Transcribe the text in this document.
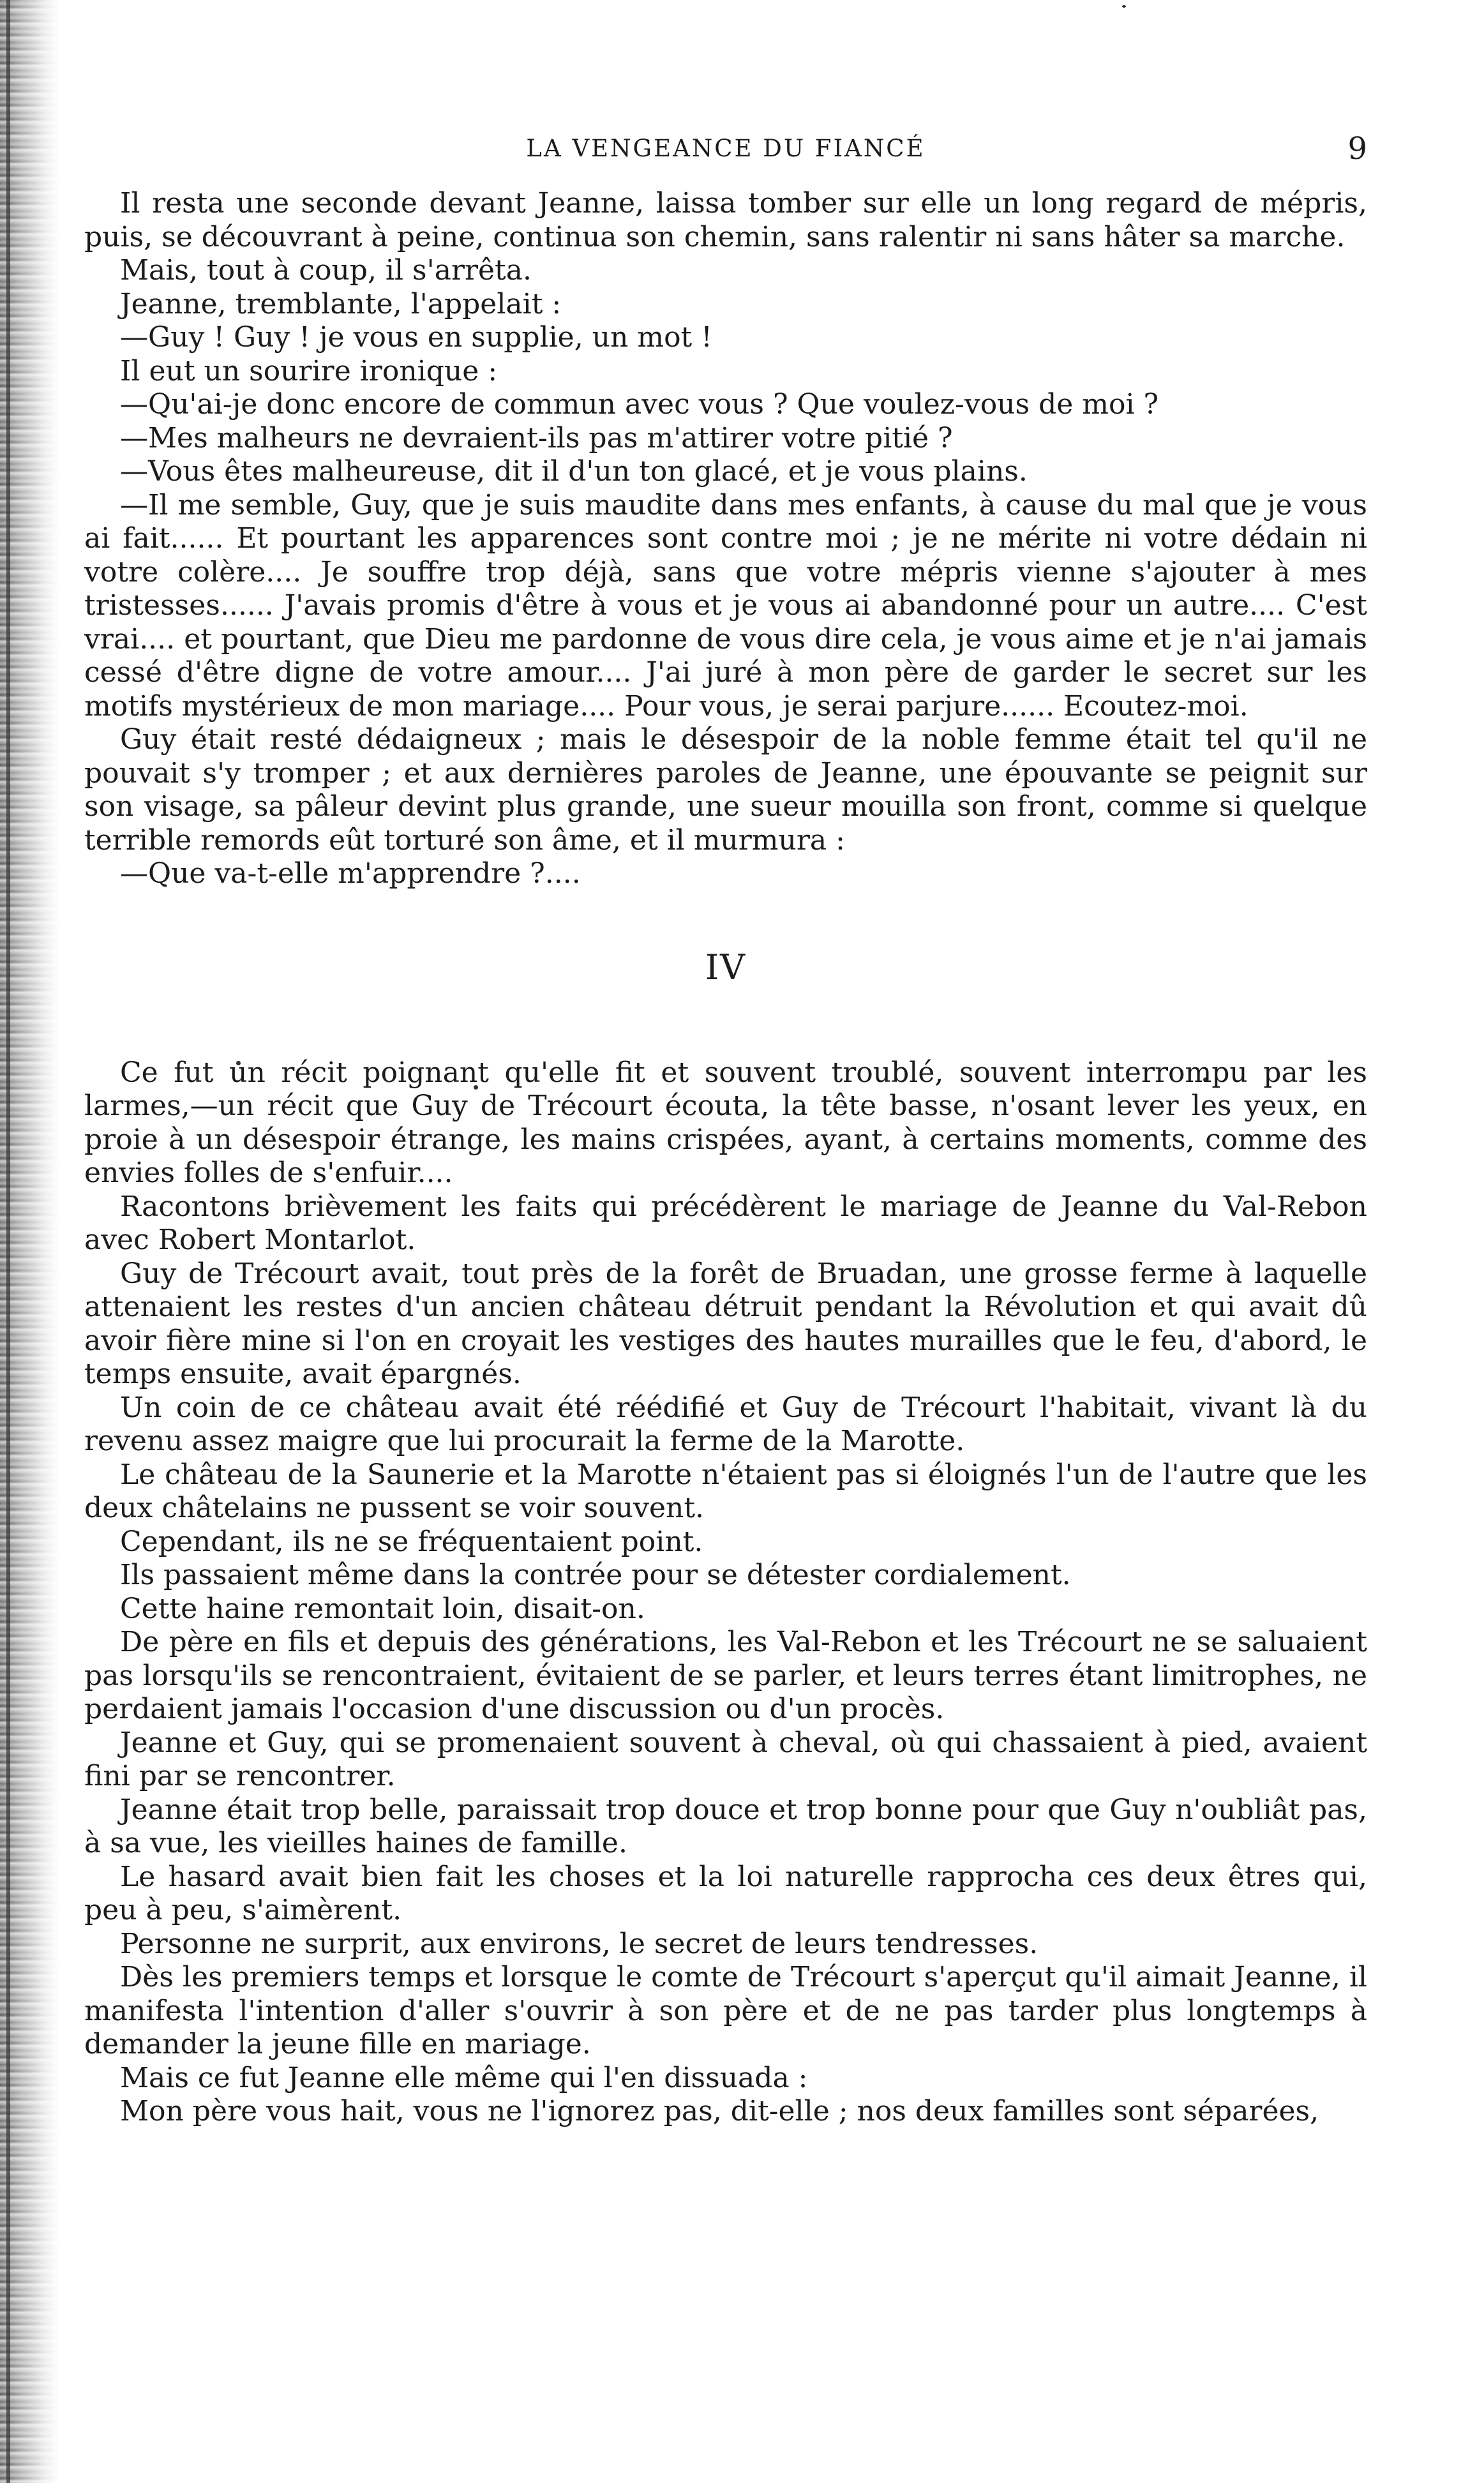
LA VENGEANCE DU FIANCÉ	9

Il resta une seconde devant Jeanne, laissa tomber sur elle un long regard de mépris, puis, se découvrant à peine, continua son chemin, sans ralentir ni sans hâter sa marche.

Mais, tout à coup, il s'arrêta.

Jeanne, tremblante, l'appelait :

—Guy ! Guy ! je vous en supplie, un mot !

Il eut un sourire ironique :

—Qu'ai-je donc encore de commun avec vous ? Que voulez-vous de moi ?

—Mes malheurs ne devraient-ils pas m'attirer votre pitié ?

—Vous êtes malheureuse, dit il d'un ton glacé, et je vous plains.

—Il me semble, Guy, que je suis maudite dans mes enfants, à cause du mal que je vous ai fait...... Et pourtant les apparences sont contre moi ; je ne mérite ni votre dédain ni votre colère.... Je souffre trop déjà, sans que votre mépris vienne s'ajouter à mes tristesses...... J'avais promis d'être à vous et je vous ai abandonné pour un autre.... C'est vrai.... et pourtant, que Dieu me pardonne de vous dire cela, je vous aime et je n'ai jamais cessé d'être digne de votre amour.... J'ai juré à mon père de garder le secret sur les motifs mystérieux de mon mariage.... Pour vous, je serai parjure...... Ecoutez-moi.

Guy était resté dédaigneux ; mais le désespoir de la noble femme était tel qu'il ne pouvait s'y tromper ; et aux dernières paroles de Jeanne, une épouvante se peignit sur son visage, sa pâleur devint plus grande, une sueur mouilla son front, comme si quelque terrible remords eût torturé son âme, et il murmura :

—Que va-t-elle m'apprendre ?....

IV

Ce fut un récit poignant qu'elle fit et souvent troublé, souvent interrompu par les larmes,—un récit que Guy de Trécourt écouta, la tête basse, n'osant lever les yeux, en proie à un désespoir étrange, les mains crispées, ayant, à certains moments, comme des envies folles de s'enfuir....

Racontons brièvement les faits qui précédèrent le mariage de Jeanne du Val-Rebon avec Robert Montarlot.

Guy de Trécourt avait, tout près de la forêt de Bruadan, une grosse ferme à laquelle attenaient les restes d'un ancien château détruit pendant la Révolution et qui avait dû avoir fière mine si l'on en croyait les vestiges des hautes murailles que le feu, d'abord, le temps ensuite, avait épargnés.

Un coin de ce château avait été réédifié et Guy de Trécourt l'habitait, vivant là du revenu assez maigre que lui procurait la ferme de la Marotte.

Le château de la Saunerie et la Marotte n'étaient pas si éloignés l'un de l'autre que les deux châtelains ne pussent se voir souvent.

Cependant, ils ne se fréquentaient point.

Ils passaient même dans la contrée pour se détester cordialement.

Cette haine remontait loin, disait-on.

De père en fils et depuis des générations, les Val-Rebon et les Trécourt ne se saluaient pas lorsqu'ils se rencontraient, évitaient de se parler, et leurs terres étant limitrophes, ne perdaient jamais l'occasion d'une discussion ou d'un procès.

Jeanne et Guy, qui se promenaient souvent à cheval, où qui chassaient à pied, avaient fini par se rencontrer.

Jeanne était trop belle, paraissait trop douce et trop bonne pour que Guy n'oubliât pas, à sa vue, les vieilles haines de famille.

Le hasard avait bien fait les choses et la loi naturelle rapprocha ces deux êtres qui, peu à peu, s'aimèrent.

Personne ne surprit, aux environs, le secret de leurs tendresses.

Dès les premiers temps et lorsque le comte de Trécourt s'aperçut qu'il aimait Jeanne, il manifesta l'intention d'aller s'ouvrir à son père et de ne pas tarder plus longtemps à demander la jeune fille en mariage.

Mais ce fut Jeanne elle même qui l'en dissuada :

Mon père vous hait, vous ne l'ignorez pas, dit-elle ; nos deux familles sont séparées,
